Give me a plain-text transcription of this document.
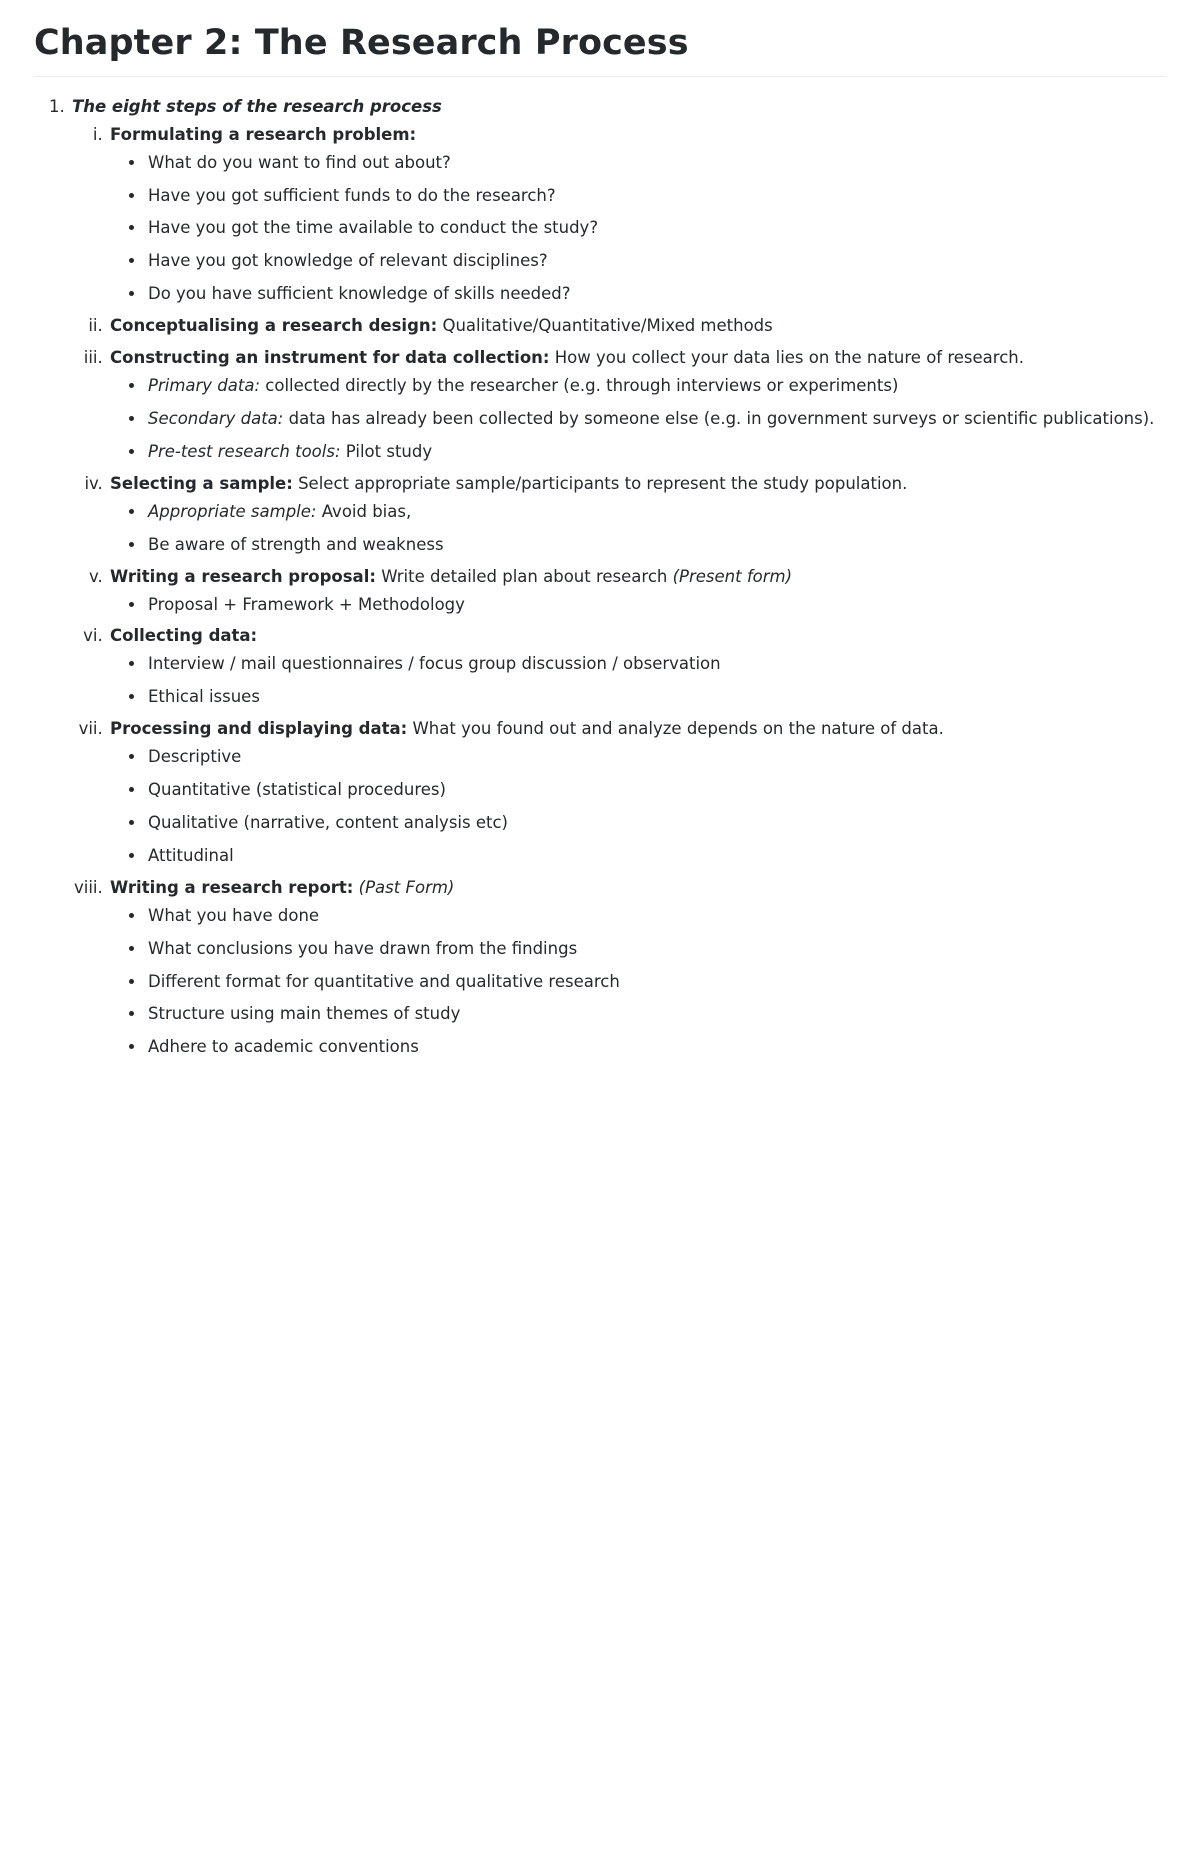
Chapter 2: The Research Process
1. The eight steps of the research process
i. Formulating a research problem:
• What do you want to find out about?
• Have you got sufficient funds to do the research?
• Have you got the time available to conduct the study?
• Have you got knowledge of relevant disciplines?
• Do you have sufficient knowledge of skills needed?
ii. Conceptualising a research design: Qualitative/Quantitative/Mixed methods
iii. Constructing an instrument for data collection: How you collect your data lies on the nature of research.
• Primary data: collected directly by the researcher (e.g. through interviews or experiments)
• Secondary data: data has already been collected by someone else (e.g. in government surveys or scientific publications).
• Pre-test research tools: Pilot study
iv. Selecting a sample: Select appropriate sample/participants to represent the study population.
• Appropriate sample: Avoid bias,
• Be aware of strength and weakness
v. Writing a research proposal: Write detailed plan about research (Present form)
• Proposal + Framework + Methodology
vi. Collecting data:
• Interview / mail questionnaires / focus group discussion / observation
• Ethical issues
vii. Processing and displaying data: What you found out and analyze depends on the nature of data.
• Descriptive
• Quantitative (statistical procedures)
• Qualitative (narrative, content analysis etc)
• Attitudinal
viii. Writing a research report: (Past Form)
• What you have done
• What conclusions you have drawn from the findings
• Different format for quantitative and qualitative research
• Structure using main themes of study
• Adhere to academic conventions
